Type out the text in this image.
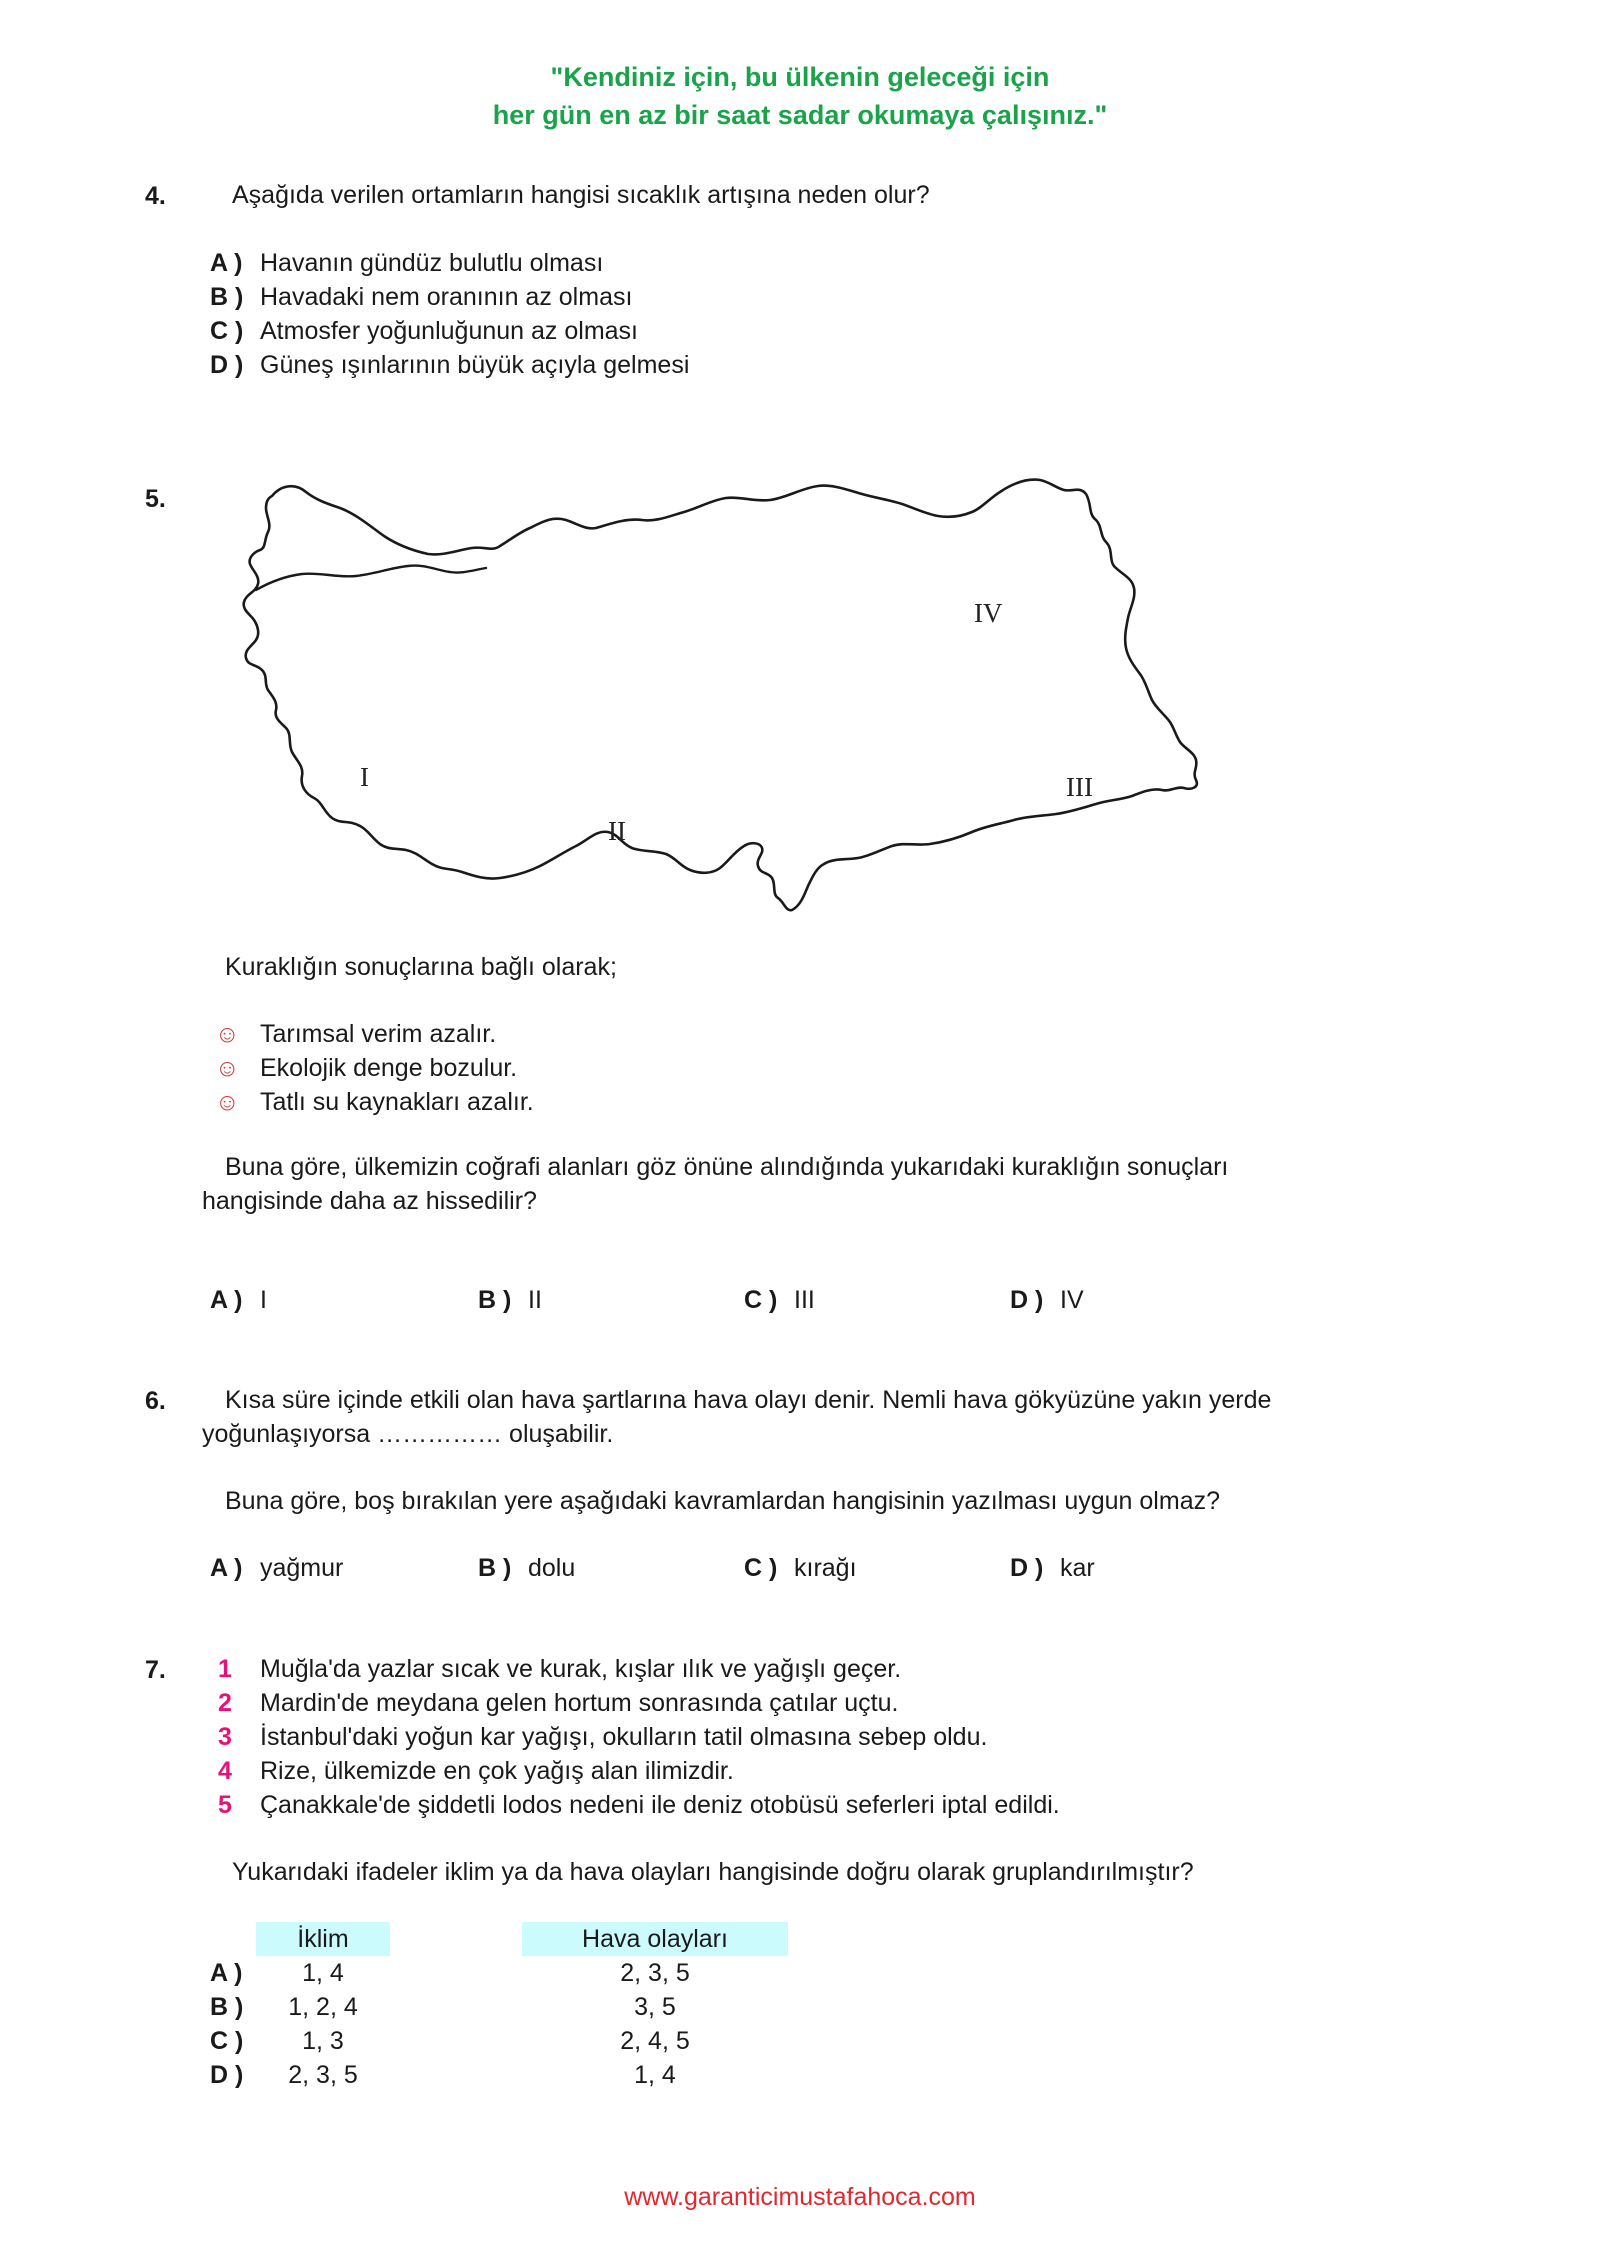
"Kendiniz için, bu ülkenin geleceği için
her gün en az bir saat sadar okumaya çalışınız."
4.	Aşağıda verilen ortamların hangisi sıcaklık artışına neden olur?
A ) Havanın gündüz bulutlu olması
B ) Havadaki nem oranının az olması
C ) Atmosfer yoğunluğunun az olması
D ) Güneş ışınlarının büyük açıyla gelmesi
5.
I
II
III
IV
Kuraklığın sonuçlarına bağlı olarak;
☺ Tarımsal verim azalır.
☺ Ekolojik denge bozulur.
☺ Tatlı su kaynakları azalır.
Buna göre, ülkemizin coğrafi alanları göz önüne alındığında yukarıdaki kuraklığın sonuçları
hangisinde daha az hissedilir?
A ) I	B ) II	C ) III	D ) IV
6. Kısa süre içinde etkili olan hava şartlarına hava olayı denir. Nemli hava gökyüzüne yakın yerde
yoğunlaşıyorsa …………… oluşabilir.
Buna göre, boş bırakılan yere aşağıdaki kavramlardan hangisinin yazılması uygun olmaz?
A ) yağmur	B ) dolu	C ) kırağı	D ) kar
7. 1 Muğla'da yazlar sıcak ve kurak, kışlar ılık ve yağışlı geçer.
2 Mardin'de meydana gelen hortum sonrasında çatılar uçtu.
3 İstanbul'daki yoğun kar yağışı, okulların tatil olmasına sebep oldu.
4 Rize, ülkemizde en çok yağış alan ilimizdir.
5 Çanakkale'de şiddetli lodos nedeni ile deniz otobüsü seferleri iptal edildi.
Yukarıdaki ifadeler iklim ya da hava olayları hangisinde doğru olarak gruplandırılmıştır?
İklim	Hava olayları
A )	1, 4	2, 3, 5
B )	1, 2, 4	3, 5
C )	1, 3	2, 4, 5
D )	2, 3, 5	1, 4
www.garanticimustafahoca.com
